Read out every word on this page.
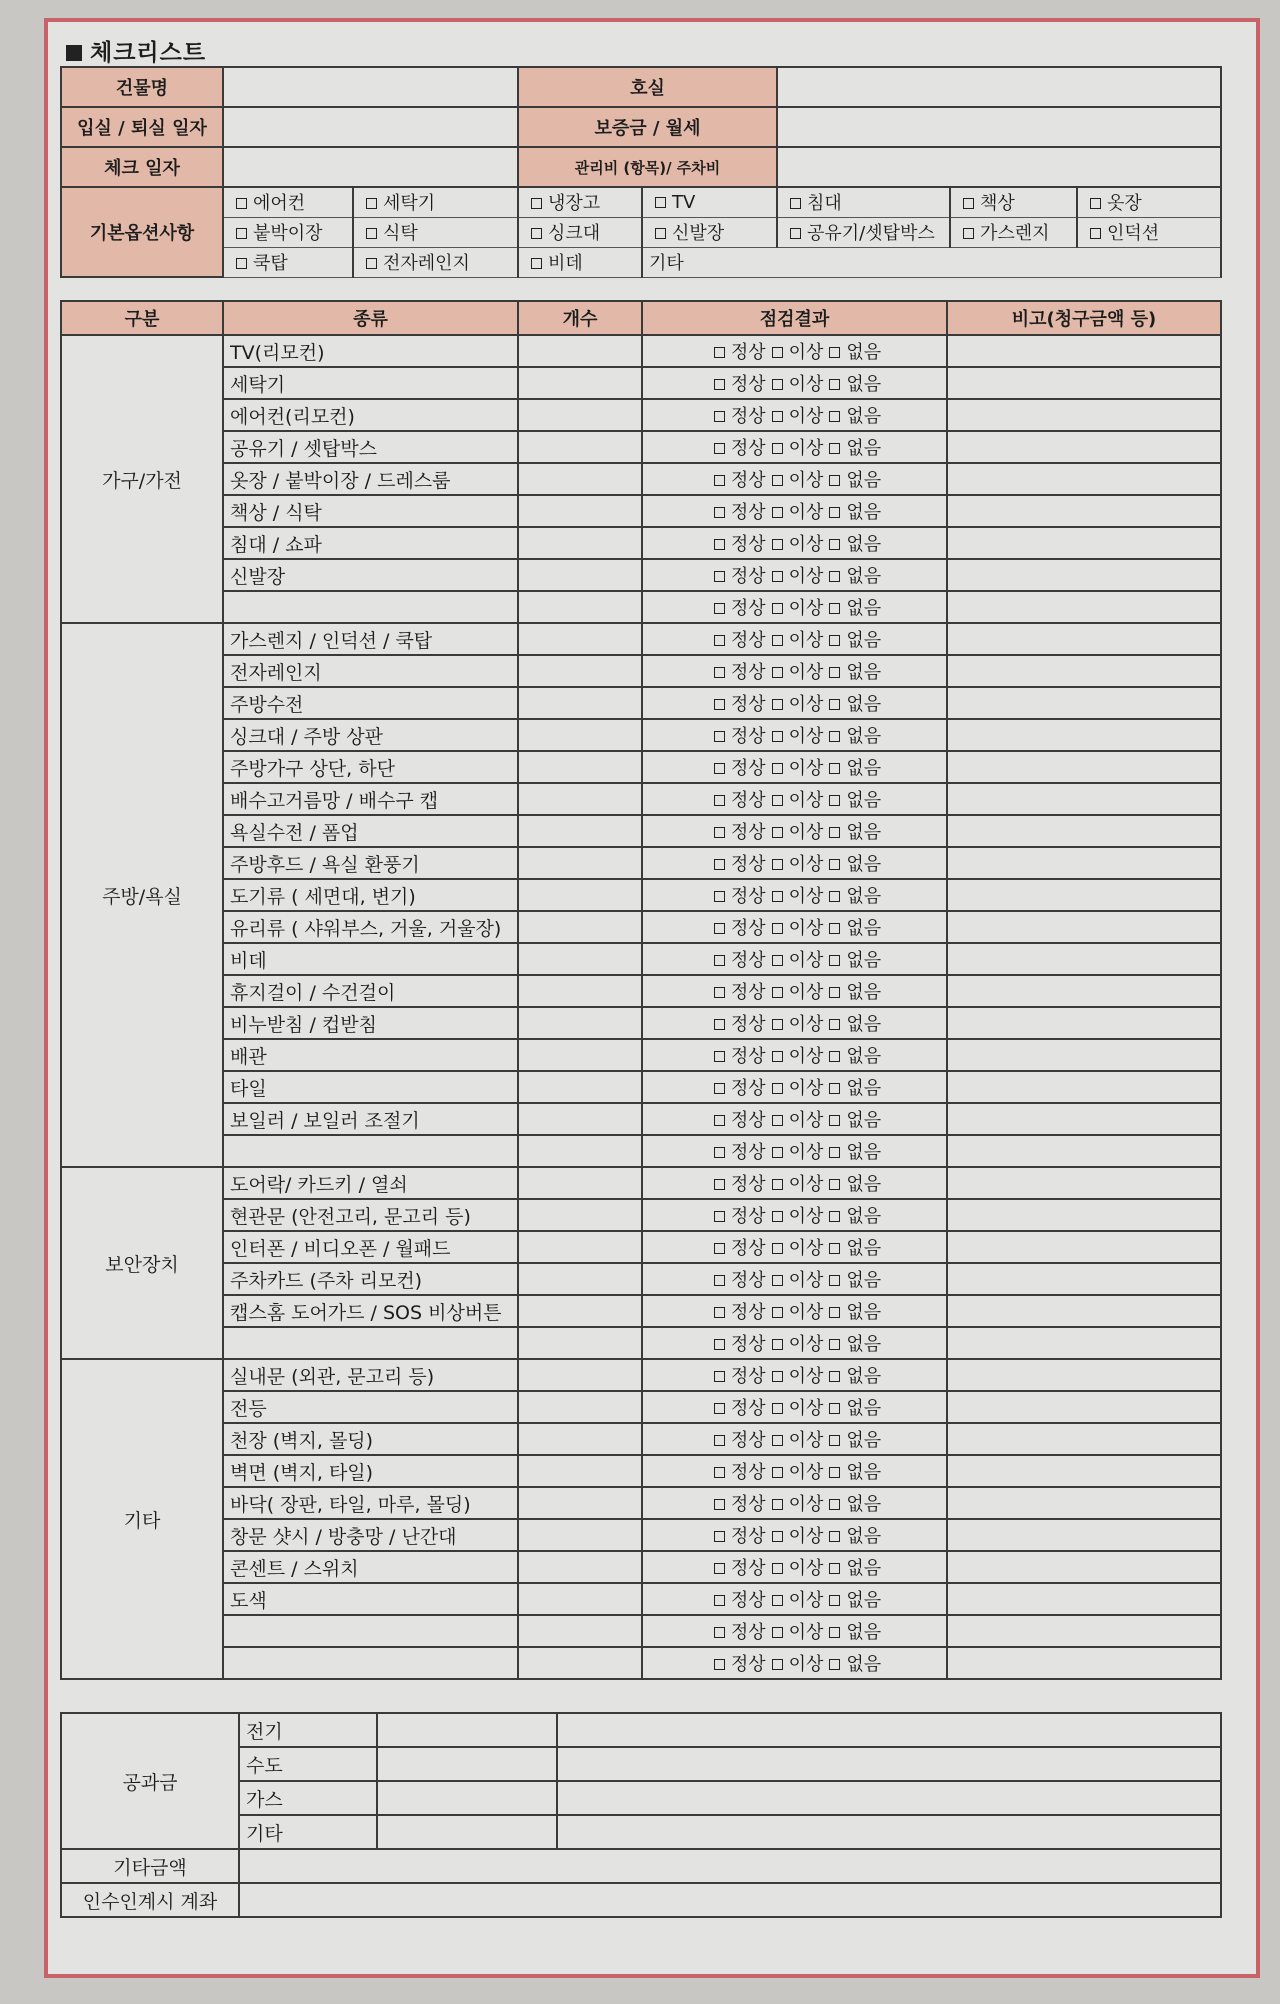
체크리스트
건물명			호실				
입실 / 퇴실 일자			보증금 / 월세				
체크 일자			관리비 (항목)/ 주차비				
기본옵션사항	에어컨	세탁기	냉장고	TV	침대	책상	옷장
	붙박이장	식탁	싱크대	신발장	공유기/셋탑박스	가스렌지	인덕션
	쿡탑	전자레인지	비데	기타			
구분	종류	개수	점검결과	비고(청구금액 등)
가구/가전	TV(리모컨)		정상 이상 없음	
	세탁기		정상 이상 없음	
	에어컨(리모컨)		정상 이상 없음	
	공유기 / 셋탑박스		정상 이상 없음	
	옷장 / 붙박이장 / 드레스룸		정상 이상 없음	
	책상 / 식탁		정상 이상 없음	
	침대 / 쇼파		정상 이상 없음	
	신발장		정상 이상 없음	
			정상 이상 없음	
주방/욕실	가스렌지 / 인덕션 / 쿡탑		정상 이상 없음	
	전자레인지		정상 이상 없음	
	주방수전		정상 이상 없음	
	싱크대 / 주방 상판		정상 이상 없음	
	주방가구 상단, 하단		정상 이상 없음	
	배수고거름망 / 배수구 캡		정상 이상 없음	
	욕실수전 / 폼업		정상 이상 없음	
	주방후드 / 욕실 환풍기		정상 이상 없음	
	도기류 ( 세면대, 변기)		정상 이상 없음	
	유리류 ( 샤워부스, 거울, 거울장)		정상 이상 없음	
	비데		정상 이상 없음	
	휴지걸이 / 수건걸이		정상 이상 없음	
	비누받침 / 컵받침		정상 이상 없음	
	배관		정상 이상 없음	
	타일		정상 이상 없음	
	보일러 / 보일러 조절기		정상 이상 없음	
			정상 이상 없음	
보안장치	도어락/ 카드키 / 열쇠		정상 이상 없음	
	현관문 (안전고리, 문고리 등)		정상 이상 없음	
	인터폰 / 비디오폰 / 월패드		정상 이상 없음	
	주차카드 (주차 리모컨)		정상 이상 없음	
	캡스홈 도어가드 / SOS 비상버튼		정상 이상 없음	
			정상 이상 없음	
기타	실내문 (외관, 문고리 등)		정상 이상 없음	
	전등		정상 이상 없음	
	천장 (벽지, 몰딩)		정상 이상 없음	
	벽면 (벽지, 타일)		정상 이상 없음	
	바닥( 장판, 타일, 마루, 몰딩)		정상 이상 없음	
	창문 샷시 / 방충망 / 난간대		정상 이상 없음	
	콘센트 / 스위치		정상 이상 없음	
	도색		정상 이상 없음	
			정상 이상 없음	
			정상 이상 없음	
공과금	전기		
	수도		
	가스		
	기타		
기타금액			
인수인계시 계좌			
